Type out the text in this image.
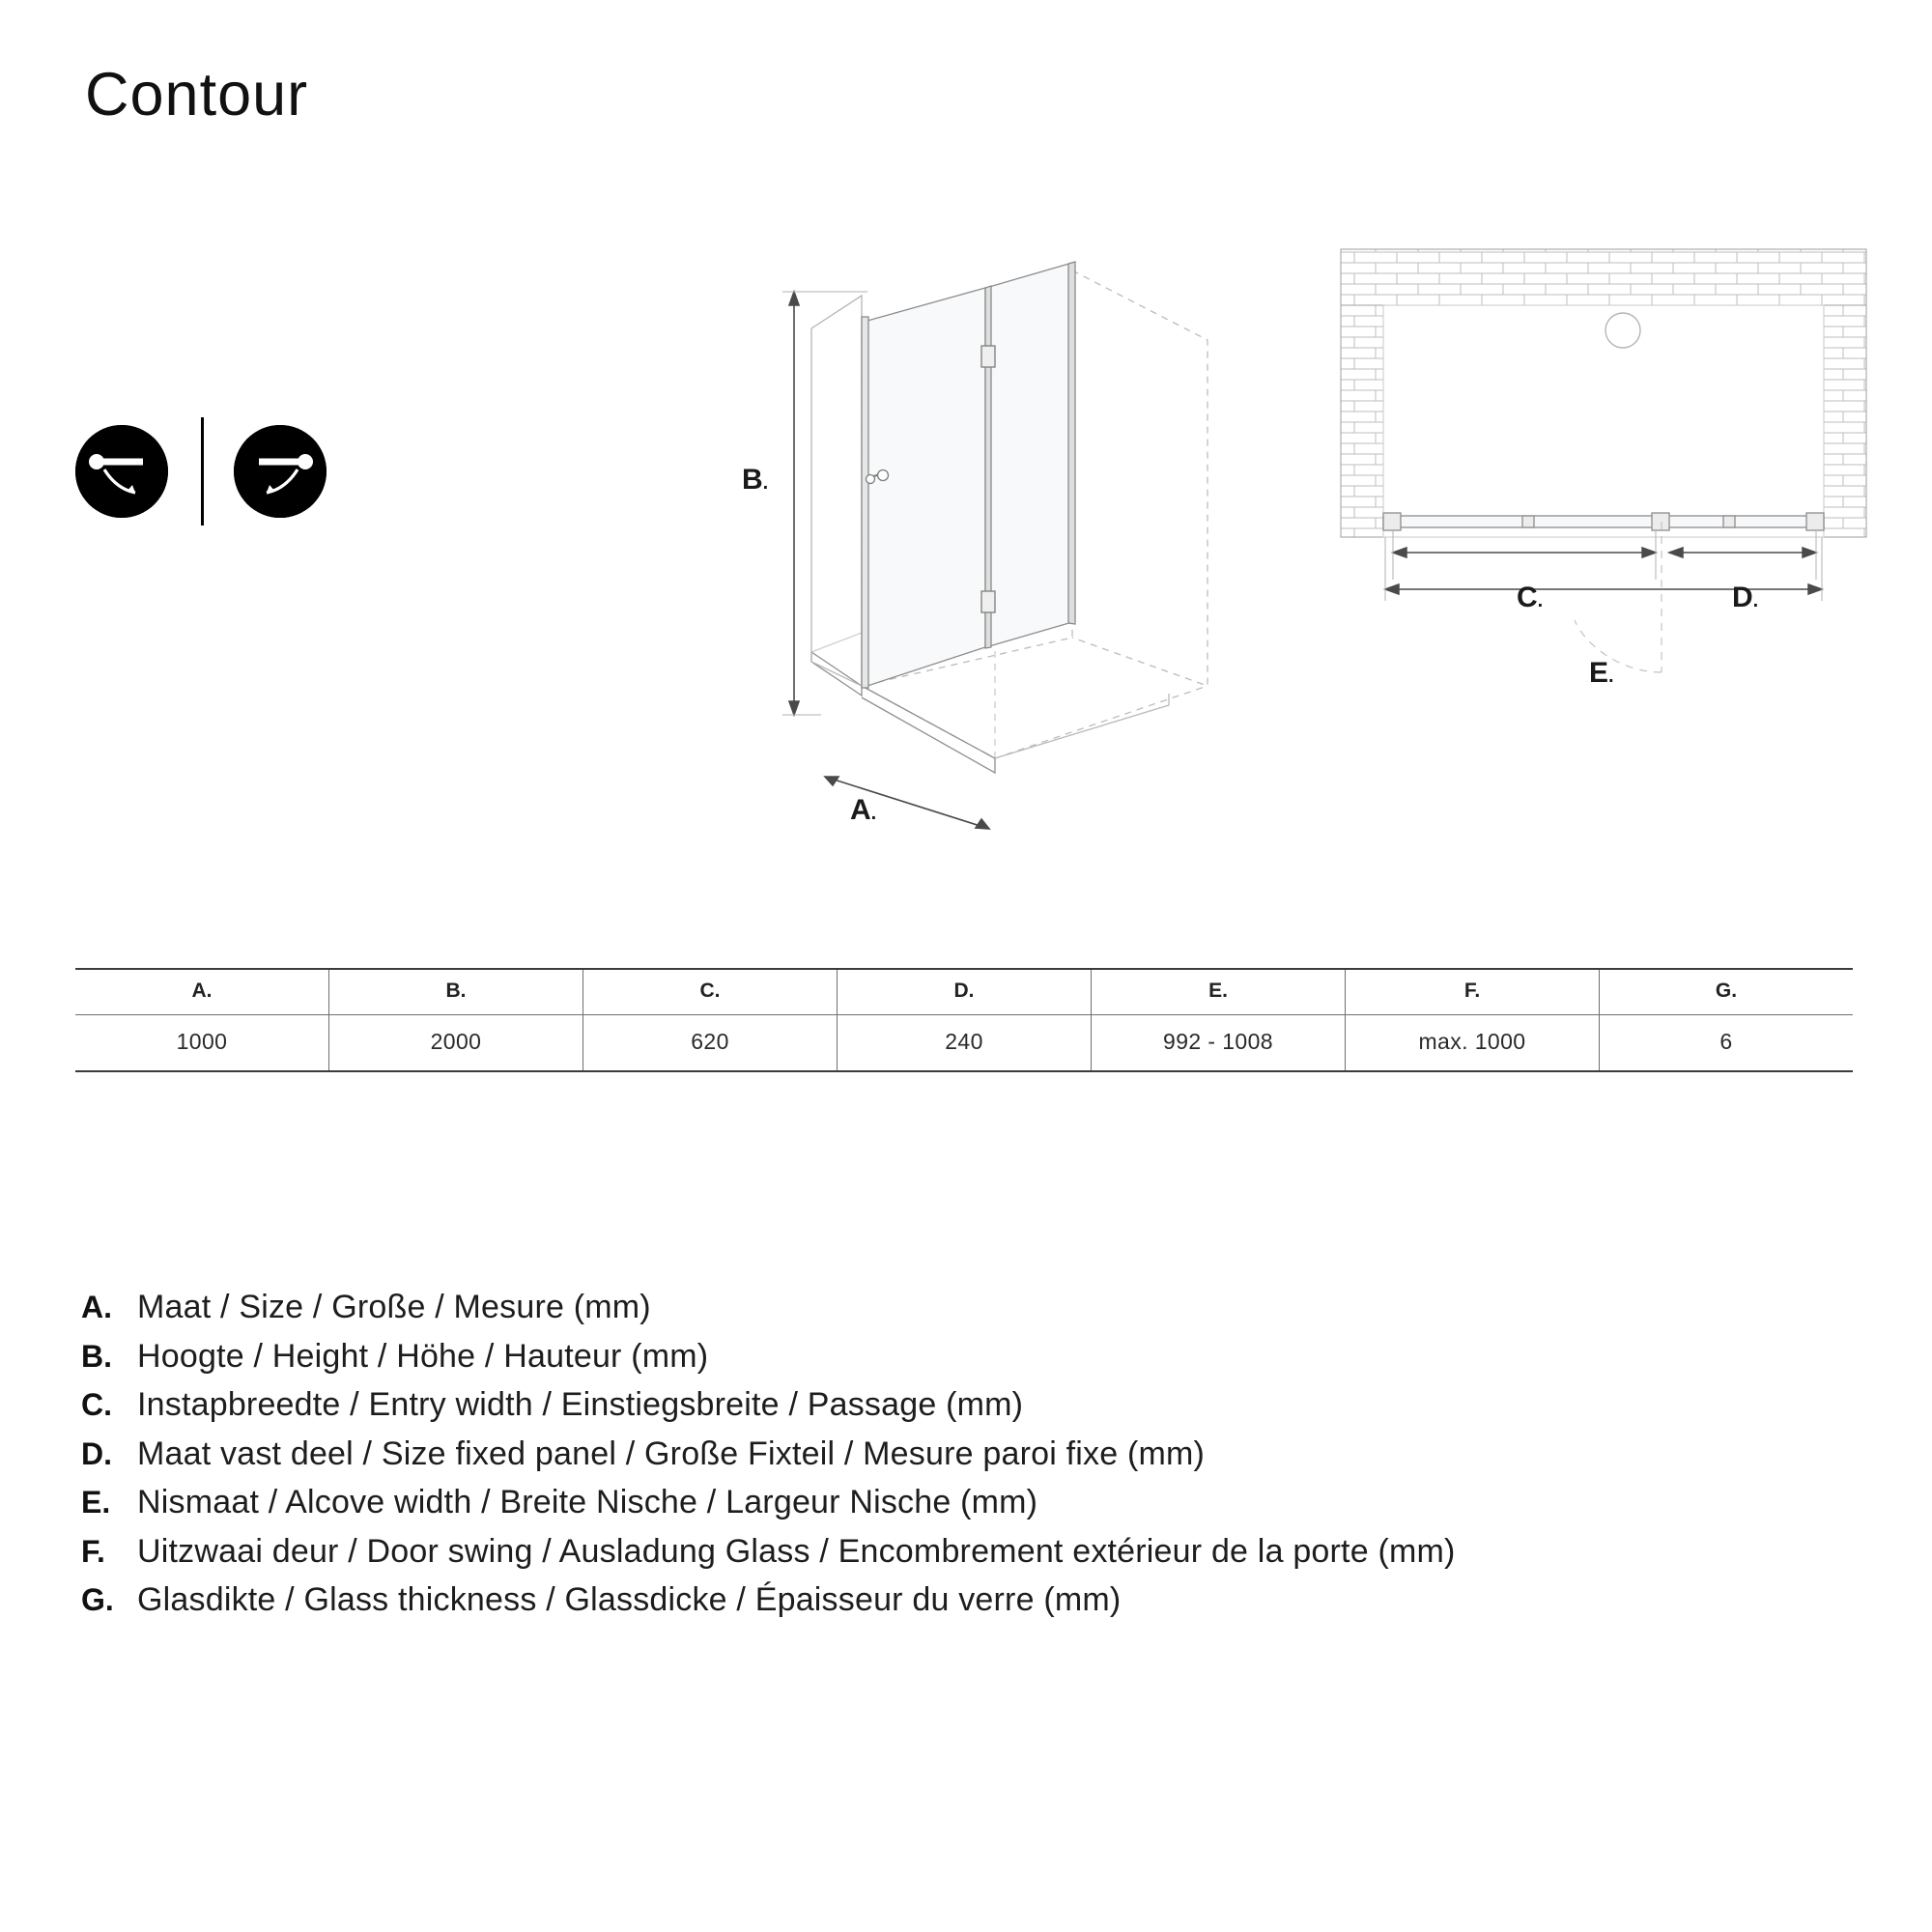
Contour
B.
A.
C.	D.
E.
A.	B.	C.	D.	E.	F.	G.
1000	2000	620	240	992 - 1008	max. 1000	6
A. Maat / Size / Große / Mesure (mm)
B. Hoogte / Height / Höhe / Hauteur (mm)
C. Instapbreedte / Entry width / Einstiegsbreite / Passage (mm)
D. Maat vast deel / Size fixed panel / Große Fixteil / Mesure paroi fixe (mm)
E. Nismaat / Alcove width / Breite Nische / Largeur Nische (mm)
F. Uitzwaai deur / Door swing / Ausladung Glass / Encombrement extérieur de la porte (mm)
G. Glasdikte / Glass thickness / Glassdicke / Épaisseur du verre (mm)
